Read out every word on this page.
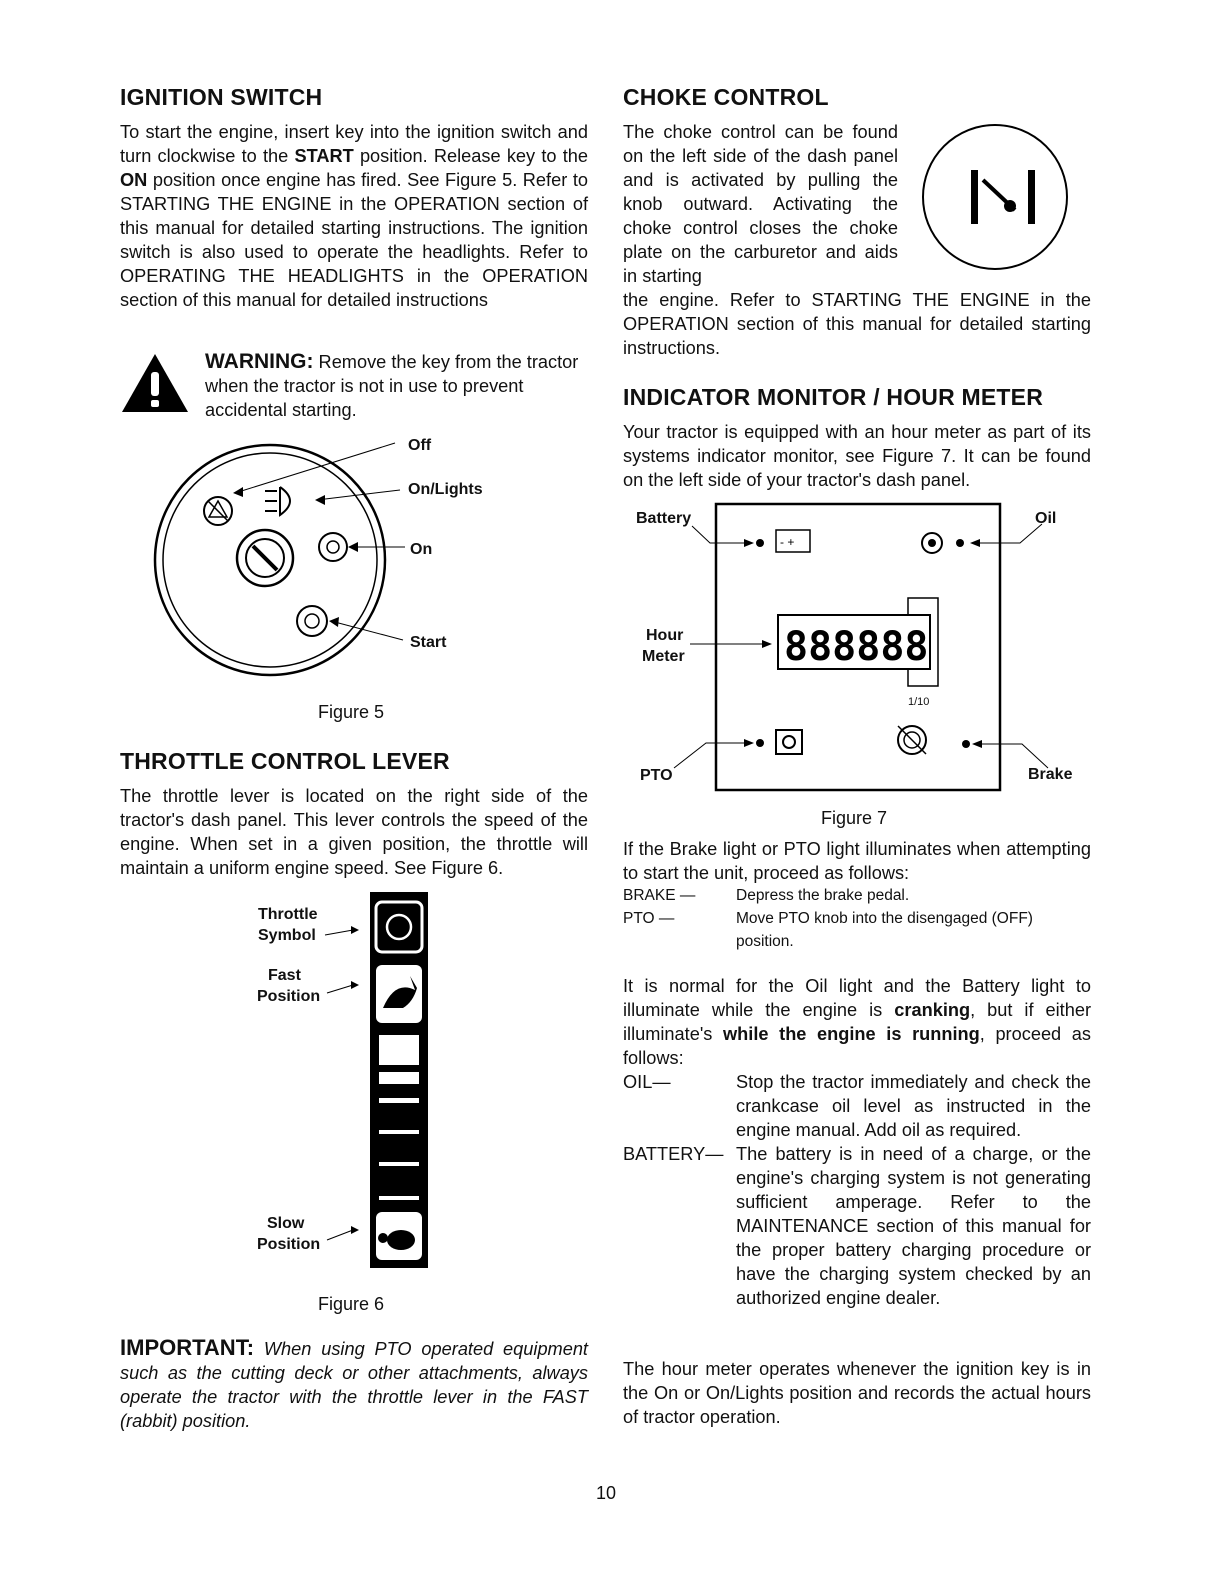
IGNITION SWITCH

To start the engine, insert key into the ignition switch and turn clockwise to the START position. Release key to the ON position once engine has fired. See Figure 5. Refer to STARTING THE ENGINE in the OPERATION section of this manual for detailed starting instructions. The ignition switch is also used to operate the headlights. Refer to OPERATING THE HEADLIGHTS in the OPERATION section of this manual for detailed instructions

WARNING: Remove the key from the tractor when the tractor is not in use to prevent accidental starting.
Off
On/Lights
On
Start
Figure 5
THROTTLE CONTROL LEVER

The throttle lever is located on the right side of the tractor's dash panel. This lever controls the speed of the engine. When set in a given position, the throttle will maintain a uniform engine speed. See Figure 6.

Throttle
Symbol
Fast
Position
Slow
Position
Figure 6

IMPORTANT: When using PTO operated equipment such as the cutting deck or other attachments, always operate the tractor with the throttle lever in the FAST (rabbit) position.

CHOKE CONTROL

The choke control can be found on the left side of the dash panel and is activated by pulling the knob outward. Activating the choke control closes the choke plate on the carburetor and aids in starting

the engine. Refer to STARTING THE ENGINE in the OPERATION section of this manual for detailed starting instructions.

INDICATOR MONITOR / HOUR METER

Your tractor is equipped with an hour meter as part of its systems indicator monitor, see Figure 7. It can be found on the left side of your tractor's dash panel.

- +
888888
Battery	Oil
Hour
Meter
1/10
PTO	Brake
Figure 7

If the Brake light or PTO light illuminates when attempting to start the unit, proceed as follows:

BRAKE —	Depress the brake pedal.
PTO —	Move PTO knob into the disengaged (OFF) position.

It is normal for the Oil light and the Battery light to illuminate while the engine is cranking, but if either illuminate's while the engine is running, proceed as follows:

OIL—	Stop the tractor immediately and check the crankcase oil level as instructed in the engine manual. Add oil as required.
BATTERY— The battery is in need of a charge, or the engine's charging system is not generating sufficient amperage. Refer to the MAINTENANCE section of this manual for the proper battery charging procedure or have the charging system checked by an authorized engine dealer.

The hour meter operates whenever the ignition key is in the On or On/Lights position and records the actual hours of tractor operation.

10
